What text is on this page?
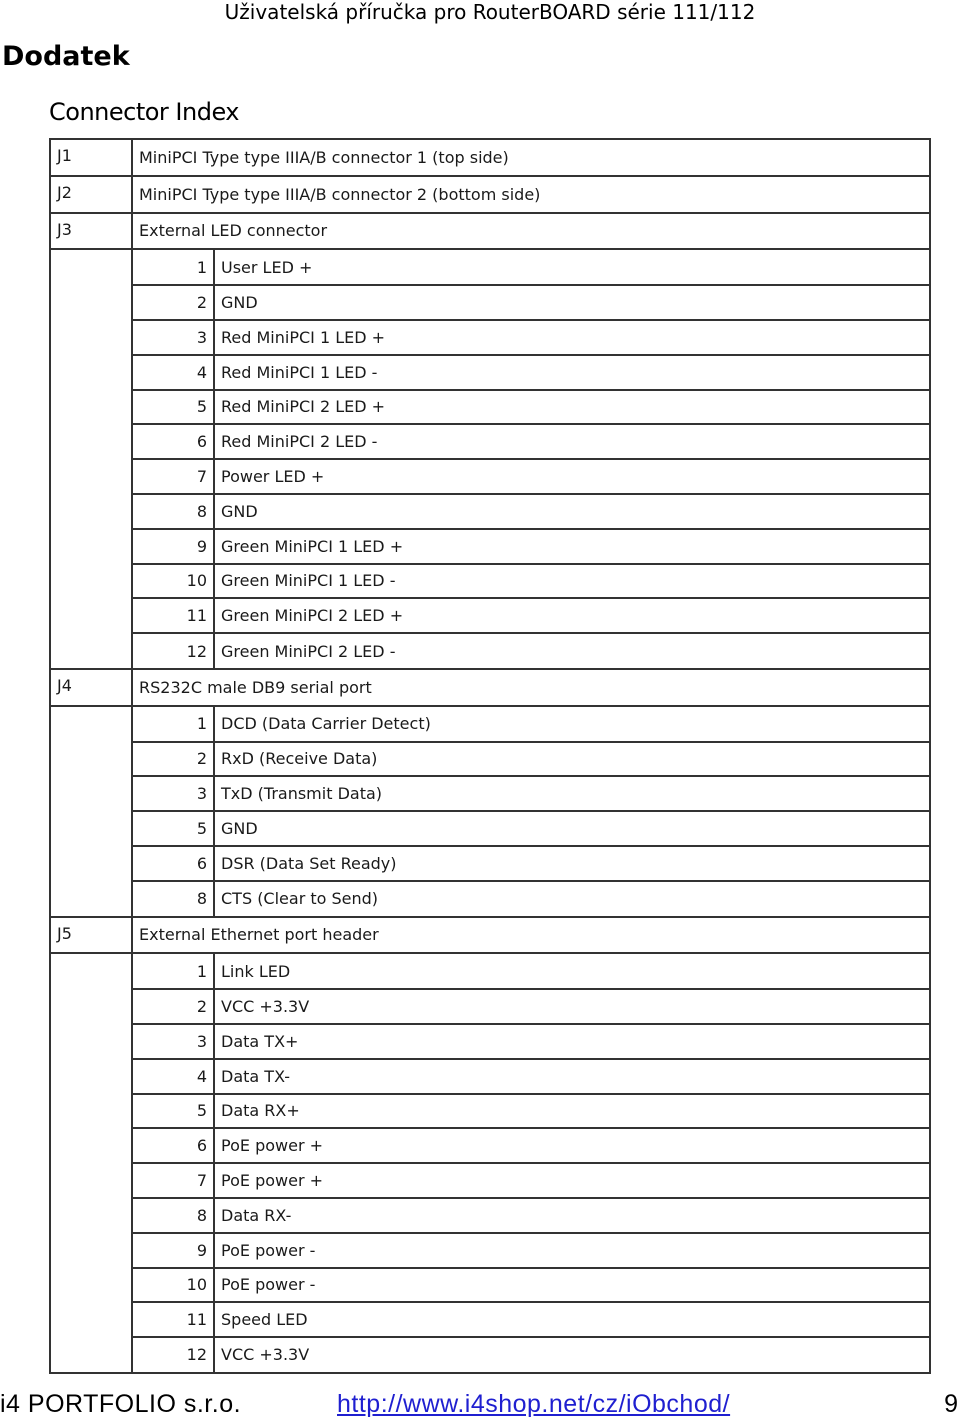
Uživatelská příručka pro RouterBOARD série 111/112
Dodatek
Connector Index
J1	MiniPCI Type type IIIA/B connector 1 (top side)	
J2	MiniPCI Type type IIIA/B connector 2 (bottom side)	
J3	External LED connector	
	1	User LED +
	2	GND
	3	Red MiniPCI 1 LED +
	4	Red MiniPCI 1 LED -
	5	Red MiniPCI 2 LED +
	6	Red MiniPCI 2 LED -
	7	Power LED +
	8	GND
	9	Green MiniPCI 1 LED +
	10	Green MiniPCI 1 LED -
	11	Green MiniPCI 2 LED +
	12	Green MiniPCI 2 LED -
J4	RS232C male DB9 serial port	
	1	DCD (Data Carrier Detect)
	2	RxD (Receive Data)
	3	TxD (Transmit Data)
	5	GND
	6	DSR (Data Set Ready)
	8	CTS (Clear to Send)
J5	External Ethernet port header	
	1	Link LED
	2	VCC +3.3V
	3	Data TX+
	4	Data TX-
	5	Data RX+
	6	PoE power +
	7	PoE power +
	8	Data RX-
	9	PoE power -
	10	PoE power -
	11	Speed LED
	12	VCC +3.3V
i4 PORTFOLIO s.r.o.	http://www.i4shop.net/cz/iObchod/	9
